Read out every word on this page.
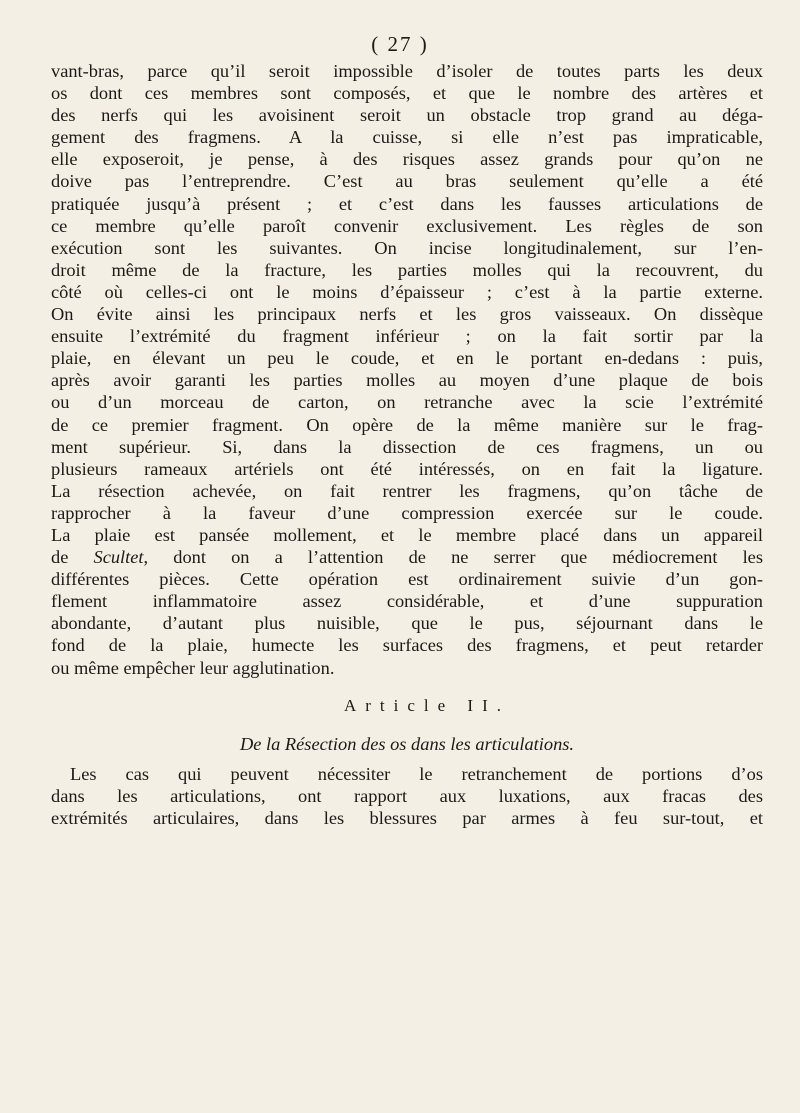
( 27 )
vant-bras, parce qu’il seroit impossible d’isoler de toutes parts les deux
os dont ces membres sont composés, et que le nombre des artères et
des nerfs qui les avoisinent seroit un obstacle trop grand au déga-
gement des fragmens. A la cuisse, si elle n’est pas impraticable,
elle exposeroit, je pense, à des risques assez grands pour qu’on ne
doive pas l’entreprendre. C’est au bras seulement qu’elle a été
pratiquée jusqu’à présent ; et c’est dans les fausses articulations de
ce membre qu’elle paroît convenir exclusivement. Les règles de son
exécution sont les suivantes. On incise longitudinalement, sur l’en-
droit même de la fracture, les parties molles qui la recouvrent, du
côté où celles-ci ont le moins d’épaisseur ; c’est à la partie externe.
On évite ainsi les principaux nerfs et les gros vaisseaux. On dissèque
ensuite l’extrémité du fragment inférieur ; on la fait sortir par la
plaie, en élevant un peu le coude, et en le portant en-dedans : puis,
après avoir garanti les parties molles au moyen d’une plaque de bois
ou d’un morceau de carton, on retranche avec la scie l’extrémité
de ce premier fragment. On opère de la même manière sur le frag-
ment supérieur. Si, dans la dissection de ces fragmens, un ou
plusieurs rameaux artériels ont été intéressés, on en fait la ligature.
La résection achevée, on fait rentrer les fragmens, qu’on tâche de
rapprocher à la faveur d’une compression exercée sur le coude.
La plaie est pansée mollement, et le membre placé dans un appareil
de Scultet, dont on a l’attention de ne serrer que médiocrement les
différentes pièces. Cette opération est ordinairement suivie d’un gon-
flement inflammatoire assez considérable, et d’une suppuration
abondante, d’autant plus nuisible, que le pus, séjournant dans le
fond de la plaie, humecte les surfaces des fragmens, et peut retarder
ou même empêcher leur agglutination.
Article II.
De la Résection des os dans les articulations.
Les cas qui peuvent nécessiter le retranchement de portions d’os
dans les articulations, ont rapport aux luxations, aux fracas des
extrémités articulaires, dans les blessures par armes à feu sur-tout, et
